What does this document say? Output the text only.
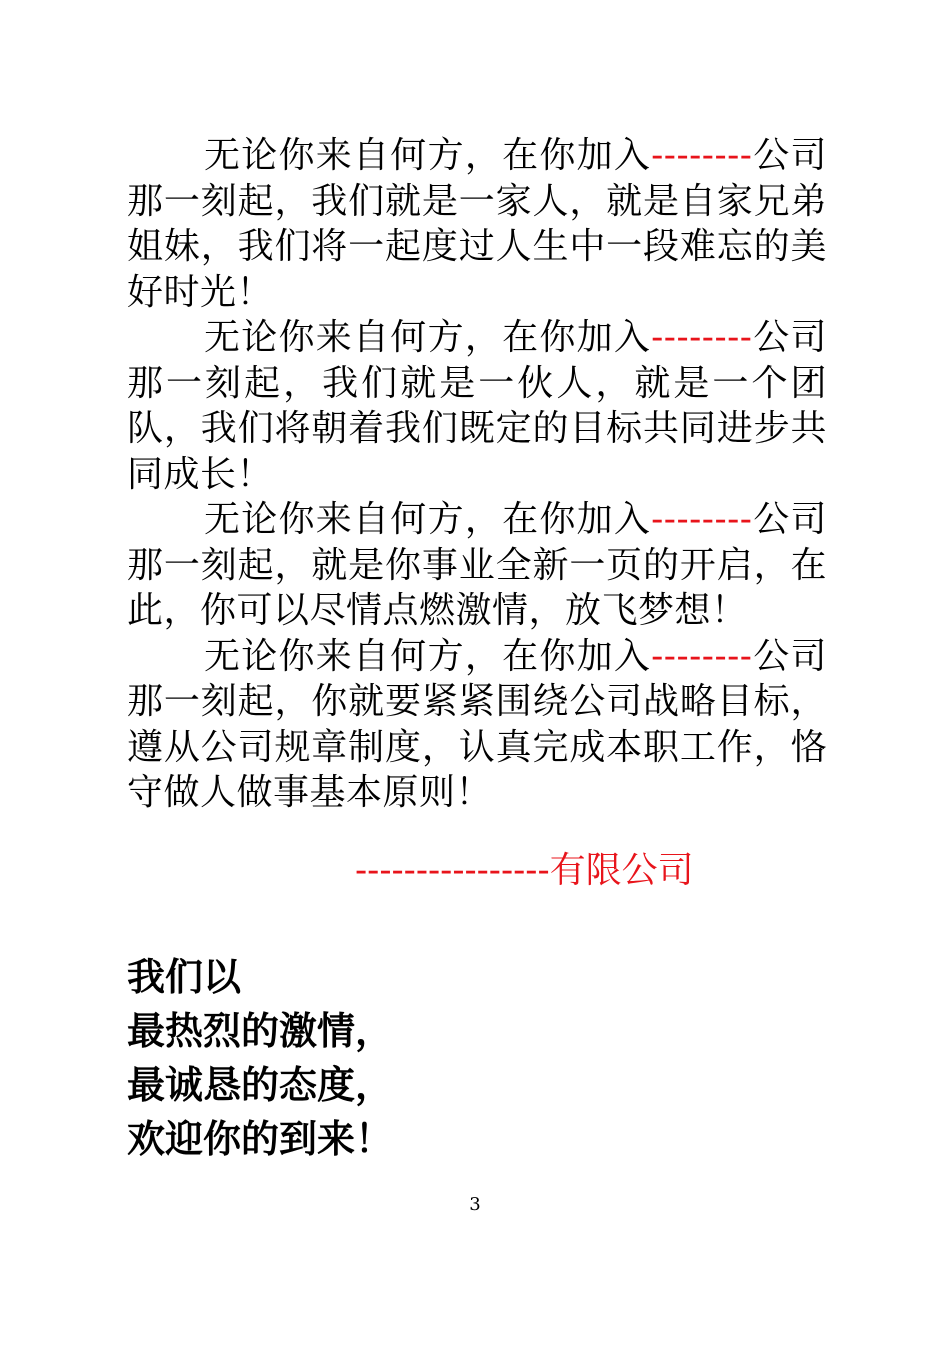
无论你来自何方，在你加入--------公司那一刻起，我们就是一家人，就是自家兄弟姐妹，我们将一起度过人生中一段难忘的美好时光！

无论你来自何方，在你加入--------公司那一刻起，我们就是一伙人，就是一个团队，我们将朝着我们既定的目标共同进步共同成长！

无论你来自何方，在你加入--------公司那一刻起，就是你事业全新一页的开启，在此，你可以尽情点燃激情，放飞梦想！

无论你来自何方，在你加入--------公司那一刻起，你就要紧紧围绕公司战略目标，遵从公司规章制度，认真完成本职工作，恪守做人做事基本原则！

----------------有限公司
我们以
最热烈的激情，
最诚恳的态度，
欢迎你的到来！
3
